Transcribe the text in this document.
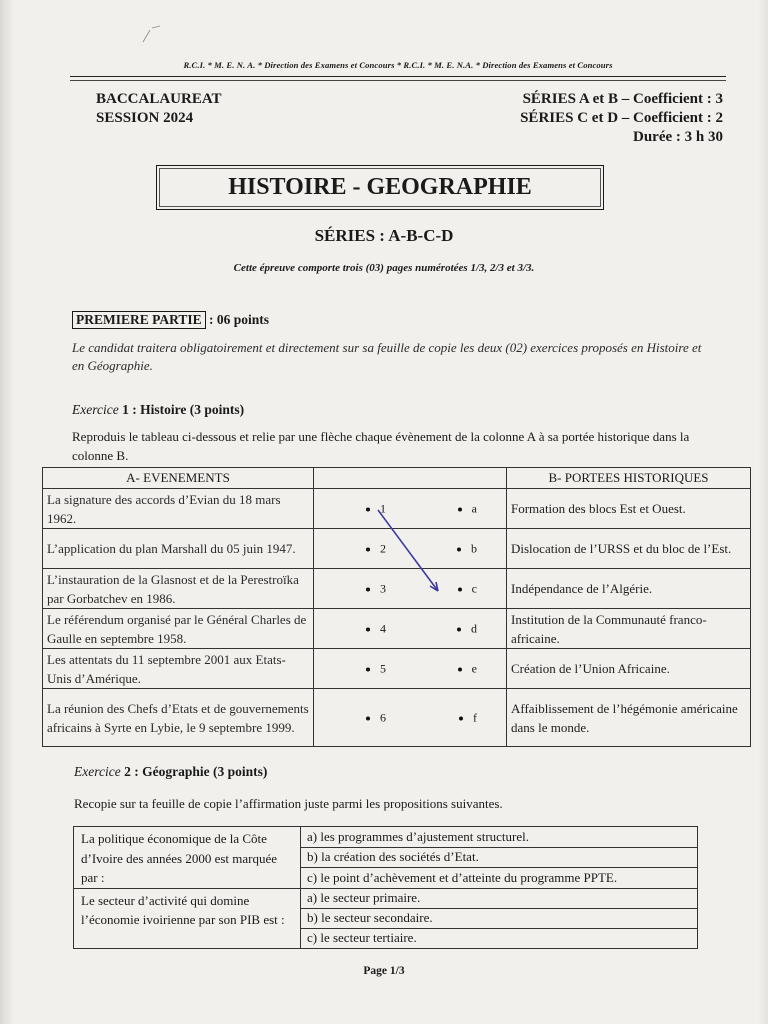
R.C.I. * M. E. N. A. * Direction des Examens et Concours * R.C.I. * M. E. N.A. * Direction des Examens et Concours
BACCALAUREAT
SESSION 2024
SÉRIES A et B – Coefficient : 3
SÉRIES C et D – Coefficient : 2
Durée : 3 h 30
HISTOIRE - GEOGRAPHIE
SÉRIES : A-B-C-D
Cette épreuve comporte trois (03) pages numérotées 1/3, 2/3 et 3/3.
PREMIERE PARTIE : 06 points
Le candidat traitera obligatoirement et directement sur sa feuille de copie les deux (02) exercices proposés en Histoire et en Géographie.
Exercice 1 : Histoire (3 points)
Reproduis le tableau ci-dessous et relie par une flèche chaque évènement de la colonne A à sa portée historique dans la colonne B.
A- EVENEMENTS		B- PORTEES HISTORIQUES
La signature des accords d’Evian du 18 mars 1962.	1 a	Formation des blocs Est et Ouest.
L’application du plan Marshall du 05 juin 1947.	2 b	Dislocation de l’URSS et du bloc de l’Est.
L’instauration de la Glasnost et de la Perestroïka par Gorbatchev en 1986.	3 c	Indépendance de l’Algérie.
Le référendum organisé par le Général Charles de Gaulle en septembre 1958.	4 d	Institution de la Communauté franco-africaine.
Les attentats du 11 septembre 2001 aux Etats-Unis d’Amérique.	5 e	Création de l’Union Africaine.
La réunion des Chefs d’Etats et de gouvernements africains à Syrte en Lybie, le 9 septembre 1999.	6 f	Affaiblissement de l’hégémonie américaine dans le monde.
Exercice 2 : Géographie (3 points)
Recopie sur ta feuille de copie l’affirmation juste parmi les propositions suivantes.
La politique économique de la Côte d’Ivoire des années 2000 est marquée par :	a) les programmes d’ajustement structurel.
	b) la création des sociétés d’Etat.
	c) le point d’achèvement et d’atteinte du programme PPTE.
Le secteur d’activité qui domine l’économie ivoirienne par son PIB est :	a) le secteur primaire.
	b) le secteur secondaire.
	c) le secteur tertiaire.
Page 1/3
